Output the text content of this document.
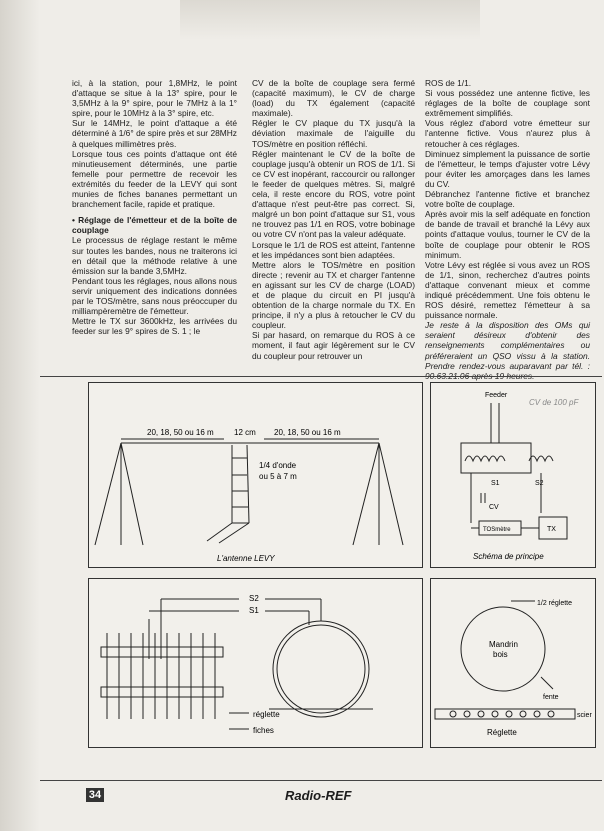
ici, à la station, pour 1,8MHz, le point d'attaque se situe à la 13° spire, pour le 3,5MHz à la 9° spire, pour le 7MHz à la 1° spire, pour le 10MHz à la 3° spire, etc.

Sur le 14MHz, le point d'attaque a été déterminé à 1/6° de spire près et sur 28MHz à quelques millimètres près.

Lorsque tous ces points d'attaque ont été minutieusement déterminés, une partie femelle pour permettre de recevoir les extrémités du feeder de la LEVY qui sont munies de fiches bananes permettant un branchement facile, rapide et pratique.

• Réglage de l'émetteur et de la boîte de couplage

Le processus de réglage restant le même sur toutes les bandes, nous ne traiterons ici en détail que la méthode relative à une émission sur la bande 3,5MHz.

Pendant tous les réglages, nous allons nous servir uniquement des indications données par le TOS/mètre, sans nous préoccuper du milliampèremètre de l'émetteur.

Mettre le TX sur 3600kHz, les arrivées du feeder sur les 9° spires de S. 1 ; le

CV de la boîte de couplage sera fermé (capacité maximum), le CV de charge (load) du TX également (capacité maximale).

Régler le CV plaque du TX jusqu'à la déviation maximale de l'aiguille du TOS/mètre en position réfléchi.

Régler maintenant le CV de la boîte de couplage jusqu'à obtenir un ROS de 1/1. Si ce CV est inopérant, raccourcir ou rallonger le feeder de quelques mètres. Si, malgré cela, il reste encore du ROS, votre point d'attaque n'est peut-être pas correct. Si, malgré un bon point d'attaque sur S1, vous ne trouvez pas 1/1 en ROS, votre bobinage ou votre CV n'ont pas la valeur adéquate.

Lorsque le 1/1 de ROS est atteint, l'antenne et les impédances sont bien adaptées.

Mettre alors le TOS/mètre en position directe ; revenir au TX et charger l'antenne en agissant sur les CV de charge (LOAD) et de plaque du circuit en PI jusqu'à obtention de la charge normale du TX. En principe, il n'y a plus à retoucher le CV du coupleur.

Si par hasard, on remarque du ROS à ce moment, il faut agir légèrement sur le CV du coupleur pour retrouver un

ROS de 1/1.

Si vous possédez une antenne fictive, les réglages de la boîte de couplage sont extrêmement simplifiés.

Vous réglez d'abord votre émetteur sur l'antenne fictive. Vous n'aurez plus à retoucher à ces réglages.

Diminuez simplement la puissance de sortie de l'émetteur, le temps d'ajuster votre Lévy pour éviter les amorçages dans les lames du CV.

Débranchez l'antenne fictive et branchez votre boîte de couplage.

Après avoir mis la self adéquate en fonction de bande de travail et branché la Lévy aux points d'attaque voulus, tourner le CV de la boîte de couplage pour obtenir le ROS minimum.

Votre Lévy est réglée si vous avez un ROS de 1/1, sinon, recherchez d'autres points d'attaque convenant mieux et comme indiqué précédemment. Une fois obtenu le ROS désiré, remettez l'émetteur à sa puissance normale.

Je reste à la disposition des OMs qui seraient désireux d'obtenir des renseignements complémentaires ou préféreraient un QSO vissu à la station. Prendre rendez-vous auparavant par tél. :

20, 18, 50 ou 16 m	12 cm 20, 18, 50 ou 16 m
1/4 d'onde
ou 5 à 7 m
L'antenne LEVY
Feeder
S1	S2
CV
TOSmètre	TX
CV de 100 pF
Schéma de principe
S2
S1
réglette
fiches
1/2 réglette
Mandrin
bois
fente
scier
Réglette
34	Radio-REF
